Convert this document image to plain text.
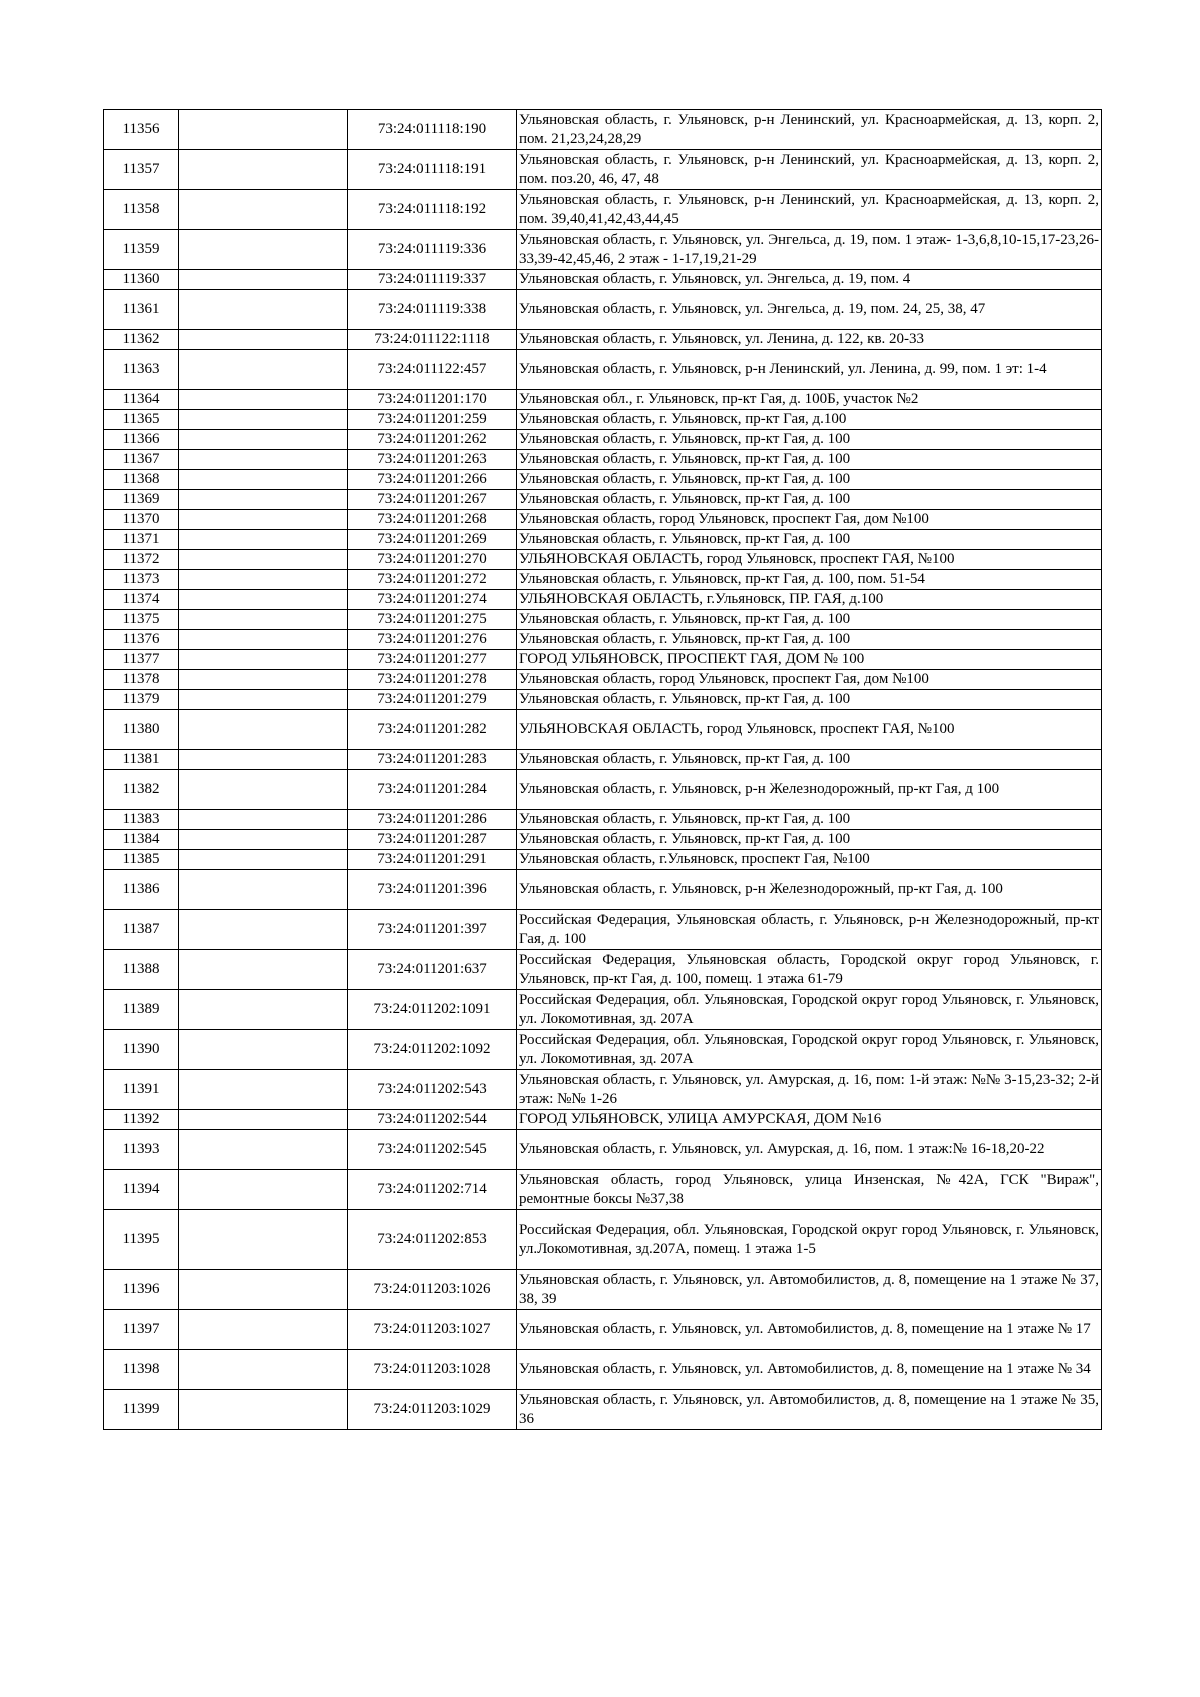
11356		73:24:011118:190	Ульяновская область, г. Ульяновск, р-н Ленинский, ул. Красноармейская, д. 13, корп. 2, пом. 21,23,24,28,29
11357		73:24:011118:191	Ульяновская область, г. Ульяновск, р-н Ленинский, ул. Красноармейская, д. 13, корп. 2, пом. поз.20, 46, 47, 48
11358		73:24:011118:192	Ульяновская область, г. Ульяновск, р-н Ленинский, ул. Красноармейская, д. 13, корп. 2, пом. 39,40,41,42,43,44,45
11359		73:24:011119:336	Ульяновская область, г. Ульяновск, ул. Энгельса, д. 19, пом. 1 этаж- 1-3,6,8,10-15,17-23,26-33,39-42,45,46, 2 этаж - 1-17,19,21-29
11360		73:24:011119:337	Ульяновская область, г. Ульяновск, ул. Энгельса, д. 19, пом. 4
11361		73:24:011119:338	Ульяновская область, г. Ульяновск, ул. Энгельса, д. 19, пом. 24, 25, 38, 47
11362		73:24:011122:1118	Ульяновская область, г. Ульяновск, ул. Ленина, д. 122, кв. 20-33
11363		73:24:011122:457	Ульяновская область, г. Ульяновск, р-н Ленинский, ул. Ленина, д. 99, пом. 1 эт: 1-4
11364		73:24:011201:170	Ульяновская обл., г. Ульяновск, пр-кт Гая, д. 100Б, участок №2
11365		73:24:011201:259	Ульяновская область, г. Ульяновск, пр-кт Гая, д.100
11366		73:24:011201:262	Ульяновская область, г. Ульяновск, пр-кт Гая, д. 100
11367		73:24:011201:263	Ульяновская область, г. Ульяновск, пр-кт Гая, д. 100
11368		73:24:011201:266	Ульяновская область, г. Ульяновск, пр-кт Гая, д. 100
11369		73:24:011201:267	Ульяновская область, г. Ульяновск, пр-кт Гая, д. 100
11370		73:24:011201:268	Ульяновская область, город Ульяновск, проспект Гая, дом №100
11371		73:24:011201:269	Ульяновская область, г. Ульяновск, пр-кт Гая, д. 100
11372		73:24:011201:270	УЛЬЯНОВСКАЯ ОБЛАСТЬ, город Ульяновск, проспект ГАЯ, №100
11373		73:24:011201:272	Ульяновская область, г. Ульяновск, пр-кт Гая, д. 100, пом. 51-54
11374		73:24:011201:274	УЛЬЯНОВСКАЯ ОБЛАСТЬ, г.Ульяновск, ПР. ГАЯ, д.100
11375		73:24:011201:275	Ульяновская область, г. Ульяновск, пр-кт Гая, д. 100
11376		73:24:011201:276	Ульяновская область, г. Ульяновск, пр-кт Гая, д. 100
11377		73:24:011201:277	ГОРОД УЛЬЯНОВСК, ПРОСПЕКТ ГАЯ, ДОМ № 100
11378		73:24:011201:278	Ульяновская область, город Ульяновск, проспект Гая, дом №100
11379		73:24:011201:279	Ульяновская область, г. Ульяновск, пр-кт Гая, д. 100
11380		73:24:011201:282	УЛЬЯНОВСКАЯ ОБЛАСТЬ, город Ульяновск, проспект ГАЯ, №100
11381		73:24:011201:283	Ульяновская область, г. Ульяновск, пр-кт Гая, д. 100
11382		73:24:011201:284	Ульяновская область, г. Ульяновск, р-н Железнодорожный, пр-кт Гая, д 100
11383		73:24:011201:286	Ульяновская область, г. Ульяновск, пр-кт Гая, д. 100
11384		73:24:011201:287	Ульяновская область, г. Ульяновск, пр-кт Гая, д. 100
11385		73:24:011201:291	Ульяновская область, г.Ульяновск, проспект Гая, №100
11386		73:24:011201:396	Ульяновская область, г. Ульяновск, р-н Железнодорожный, пр-кт Гая, д. 100
11387		73:24:011201:397	Российская Федерация, Ульяновская область, г. Ульяновск, р-н Железнодорожный, пр-кт Гая, д. 100
11388		73:24:011201:637	Российская Федерация, Ульяновская область, Городской округ город Ульяновск, г. Ульяновск, пр-кт Гая, д. 100, помещ. 1 этажа 61-79
11389		73:24:011202:1091	Российская Федерация, обл. Ульяновская, Городской округ город Ульяновск, г. Ульяновск, ул. Локомотивная, зд. 207А
11390		73:24:011202:1092	Российская Федерация, обл. Ульяновская, Городской округ город Ульяновск, г. Ульяновск, ул. Локомотивная, зд. 207А
11391		73:24:011202:543	Ульяновская область, г. Ульяновск, ул. Амурская, д. 16, пом: 1-й этаж: №№ 3-15,23-32; 2-й этаж: №№ 1-26
11392		73:24:011202:544	ГОРОД УЛЬЯНОВСК, УЛИЦА АМУРСКАЯ, ДОМ №16
11393		73:24:011202:545	Ульяновская область, г. Ульяновск, ул. Амурская, д. 16, пом. 1 этаж:№ 16-18,20-22
11394		73:24:011202:714	Ульяновская область, город Ульяновск, улица Инзенская, №42А, ГСК "Вираж", ремонтные боксы №37,38
11395		73:24:011202:853	Российская Федерация, обл. Ульяновская, Городской округ город Ульяновск, г. Ульяновск, ул.Локомотивная, зд.207А, помещ. 1 этажа 1-5
11396		73:24:011203:1026	Ульяновская область, г. Ульяновск, ул. Автомобилистов, д. 8, помещение на 1 этаже № 37, 38, 39
11397		73:24:011203:1027	Ульяновская область, г. Ульяновск, ул. Автомобилистов, д. 8, помещение на 1 этаже № 17
11398		73:24:011203:1028	Ульяновская область, г. Ульяновск, ул. Автомобилистов, д. 8, помещение на 1 этаже № 34
11399		73:24:011203:1029	Ульяновская область, г. Ульяновск, ул. Автомобилистов, д. 8, помещение на 1 этаже № 35, 36
